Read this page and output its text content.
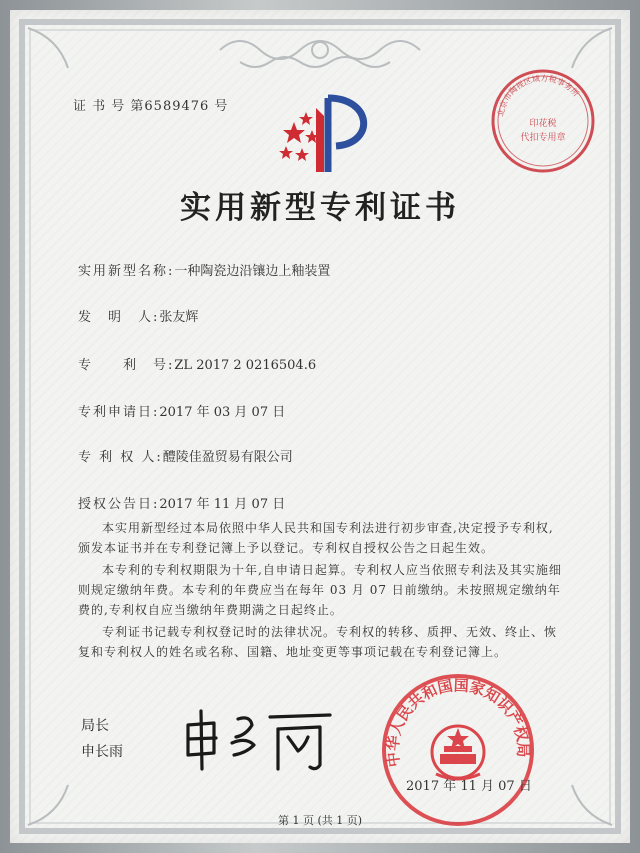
证 书 号 第6589476 号	北京市陶视区域方税事务所
印花税
代扣专用章
实用新型专利证书
实用新型名称:一种陶瓷边沿镶边上釉装置
发　明　人:张友辉
专　　利　号:ZL 2017 2 0216504.6
专利申请日:2017 年 03 月 07 日
专 利 权 人:醴陵佳盈贸易有限公司
授权公告日:2017 年 11 月 07 日

本实用新型经过本局依照中华人民共和国专利法进行初步审查,决定授予专利权,颁发本证书并在专利登记簿上予以登记。专利权自授权公告之日起生效。

本专利的专利权期限为十年,自申请日起算。专利权人应当依照专利法及其实施细则规定缴纳年费。本专利的年费应当在每年 03 月 07 日前缴纳。未按照规定缴纳年费的,专利权自应当缴纳年费期满之日起终止。

专利证书记载专利权登记时的法律状况。专利权的转移、质押、无效、终止、恢复和专利权人的姓名或名称、国籍、地址变更等事项记载在专利登记簿上。

局长
申长雨	中华人民共和国国家知识产权局
2017 年 11 月 07 日
第 1 页 (共 1 页)
